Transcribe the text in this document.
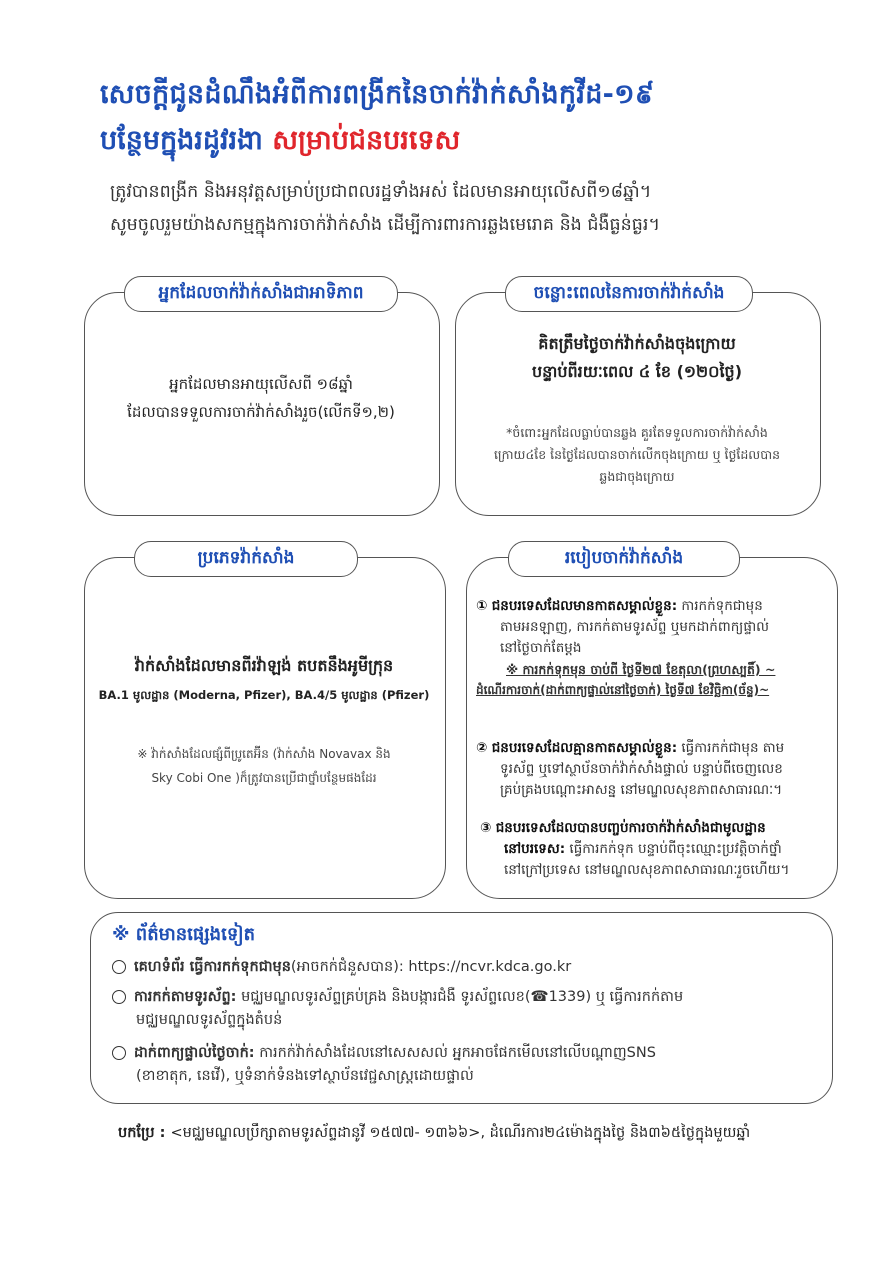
សេចក្ដីជូនដំណឹងអំពីការពង្រីកនៃចាក់វ៉ាក់សាំងកូវីដ-១៩
បន្ថែមក្នុងរដូវរងា សម្រាប់ជនបរទេស
ត្រូវបានពង្រីក និងអនុវត្តសម្រាប់ប្រជាពលរដ្ឋទាំងអស់ ដែលមានអាយុលើសពី១៨ឆ្នាំ។
សូមចូលរួមយ៉ាងសកម្មក្នុងការចាក់វ៉ាក់សាំង ដើម្បីការពារការឆ្លងមេរោគ និង ជំងឺធ្ងន់ធ្ងរ។
អ្នកដែលចាក់វ៉ាក់សាំងជាអាទិភាព
អ្នកដែលមានអាយុលើសពី ១៨ឆ្នាំ
ដែលបានទទួលការចាក់វ៉ាក់សាំងរួច(លើកទី១,២)
ចន្លោះពេលនៃការចាក់វ៉ាក់សាំង
គិតត្រឹមថ្ងៃចាក់វ៉ាក់សាំងចុងក្រោយ
បន្ទាប់ពីរយៈពេល ៤ ខែ (១២០ថ្ងៃ)
*ចំពោះអ្នកដែលធ្លាប់បានឆ្លង គួរតែទទួលការចាក់វ៉ាក់សាំង
ក្រោយ៤ខែ នៃថ្ងៃដែលបានចាក់លើកចុងក្រោយ ឬ ថ្ងៃដែលបាន
ឆ្លងជាចុងក្រោយ
ប្រភេទវ៉ាក់សាំង
វ៉ាក់សាំងដែលមានពីរវ៉ាឡង់ តបតនឹងអូមីក្រុន
BA.1 មូលដ្ឋាន (Moderna, Pfizer), BA.4/5 មូលដ្ឋាន (Pfizer)
※ វ៉ាក់សាំងដែលផ្សំពីប្រូតេអ៊ីន (វ៉ាក់សាំង Novavax និង
Sky Cobi One )ក៏ត្រូវបានប្រើជាថ្នាំបន្ថែមផងដែរ
របៀបចាក់វ៉ាក់សាំង
① ជនបរទេសដែលមានកាតសម្គាល់ខ្លួន: ការកក់ទុកជាមុន
តាមអនឡាញ, ការកក់តាមទូរស័ព្ទ ឬមកដាក់ពាក្យផ្ទាល់
នៅថ្ងៃចាក់តែម្តង
※ ការកក់ទុកមុន ចាប់ពី ថ្ងៃទី២៧ ខែតុលា(ព្រហស្បតិ៍) ~
ដំណើរការចាក់(ដាក់ពាក្យផ្ទាល់នៅថ្ងៃចាក់) ថ្ងៃទី៧ ខែវិច្ឆិកា(ច័ន្ទ)~
② ជនបរទេសដែលគ្មានកាតសម្គាល់ខ្លួន: ធ្វើការកក់ជាមុន តាម
ទូរស័ព្ទ ឬទៅស្ថាប័នចាក់វ៉ាក់សាំងផ្ទាល់ បន្ទាប់ពីចេញលេខ
គ្រប់គ្រងបណ្តោះអាសន្ន នៅមណ្ឌលសុខភាពសាធារណៈ។
③ ជនបរទេសដែលបានបញ្ចប់ការចាក់វ៉ាក់សាំងជាមូលដ្ឋាន
នៅបរទេស: ធ្វើការកក់ទុក បន្ទាប់ពីចុះឈ្មោះប្រវត្តិចាក់ថ្នាំ
នៅក្រៅប្រទេស នៅមណ្ឌលសុខភាពសាធារណៈរួចហើយ។
※ ព័ត៌មានផ្សេងទៀត
គេហទំព័រ ធ្វើការកក់ទុកជាមុន(អាចកក់ជំនួសបាន): https://ncvr.kdca.go.kr
ការកក់តាមទូរស័ព្ទ: មជ្ឈមណ្ឌលទូរស័ព្ទគ្រប់គ្រង និងបង្ការជំងឺ ទូរស័ព្ទលេខ(☎1339) ឬ ធ្វើការកក់តាម
មជ្ឈមណ្ឌលទូរស័ព្ទក្នុងតំបន់
ដាក់ពាក្យផ្ទាល់ថ្ងៃចាក់: ការកក់វ៉ាក់សាំងដែលនៅសេសសល់ អ្នកអាចផែកមើលនៅលើបណ្តាញSNS
(ខាខាតុក, នេវើ), ឬទំនាក់ទំនងទៅស្ថាប័នវេជ្ជសាស្ត្រដោយផ្ទាល់
បកប្រែ : <មជ្ឈមណ្ឌលប្រឹក្សាតាមទូរស័ព្ទដានូវី ១៥៧៧- ១៣៦៦>, ដំណើរការ២៤ម៉ោងក្នុងថ្ងៃ និង៣៦៥ថ្ងៃក្នុងមួយឆ្នាំ
